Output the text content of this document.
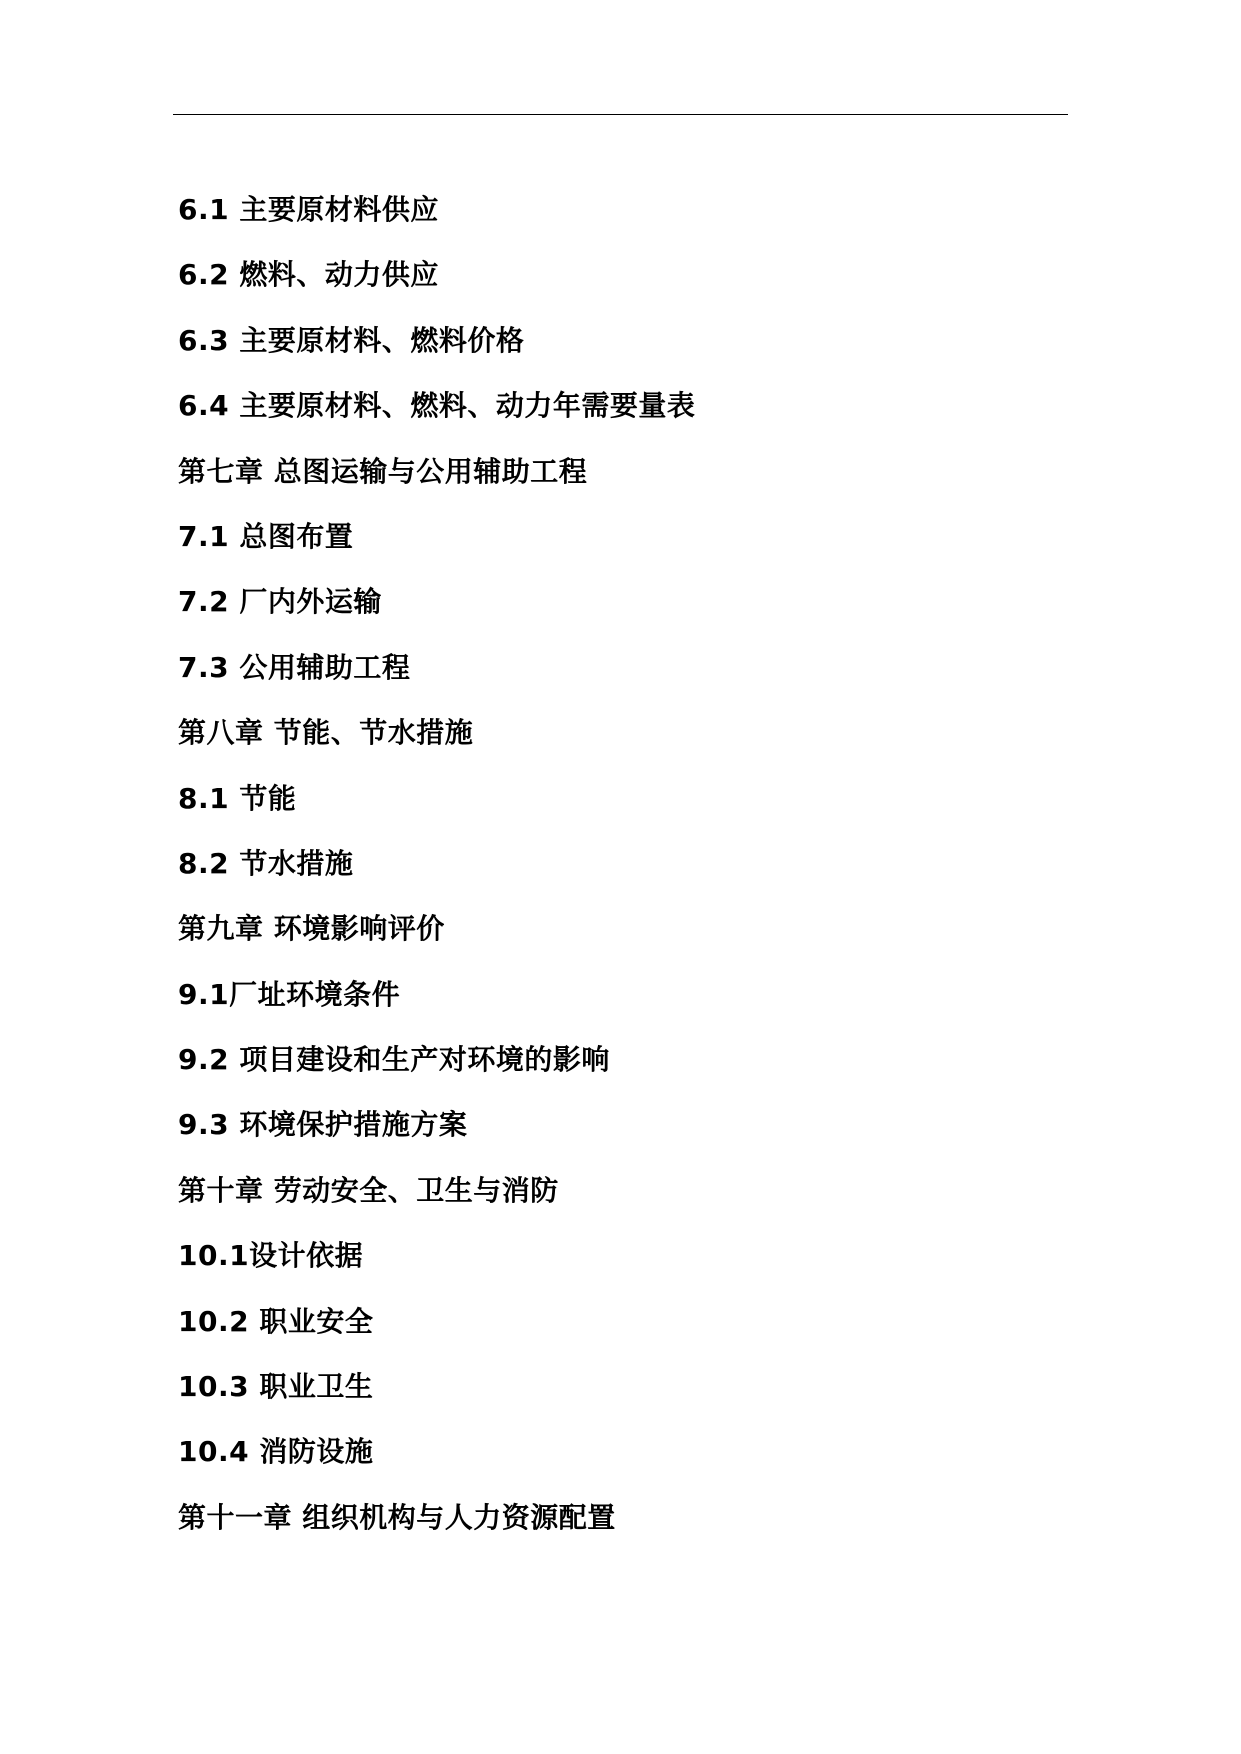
6.1 主要原材料供应
6.2 燃料、动力供应
6.3 主要原材料、燃料价格
6.4 主要原材料、燃料、动力年需要量表
第七章 总图运输与公用辅助工程
7.1 总图布置
7.2 厂内外运输
7.3 公用辅助工程
第八章 节能、节水措施
8.1 节能
8.2 节水措施
第九章 环境影响评价
9.1厂址环境条件
9.2 项目建设和生产对环境的影响
9.3 环境保护措施方案
第十章 劳动安全、卫生与消防
10.1设计依据
10.2 职业安全
10.3 职业卫生
10.4 消防设施
第十一章 组织机构与人力资源配置
